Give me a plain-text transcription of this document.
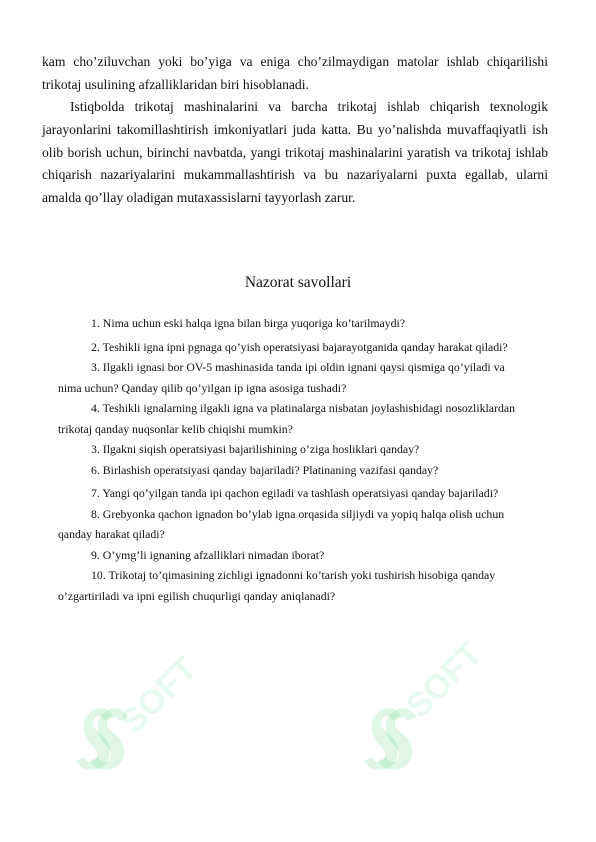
SOFT	SOFT
kam cho’ziluvchan yoki bo’yiga va eniga cho’zilmaydigan matolar ishlab chiqarilishi trikotaj usulining afzalliklaridan biri hisoblanadi.
Istiqbolda trikotaj mashinalarini va barcha trikotaj ishlab chiqarish texnologik jarayonlarini takomillashtirish imkoniyatlari juda katta. Bu yo’nalishda muvaffaqiyatli ish olib borish uchun, birinchi navbatda, yangi trikotaj mashinalarini yaratish va trikotaj ishlab chiqarish nazariyalarini mukammallashtirish va bu nazariyalarni puxta egallab, ularni amalda qo’llay oladigan mutaxassislarni tayyorlash zarur.
Nazorat savollari

1. Nima uchun eski halqa igna bilan birga yuqoriga ko’tarilmaydi?

2. Teshikli igna ipni pgnaga qo’yish operatsiyasi bajarayotganida qanday harakat qiladi?

3. Ilgakli ignasi bor OV-5 mashinasida tanda ipi oldin ignani qaysi qismiga qo’yiladi va nima uchun? Qanday qilib qo’yilgan ip igna asosiga tushadi?

4. Teshikli ignalarning ilgakli igna va platinalarga nisbatan joylashishidagi nosozliklardan trikotaj qanday nuqsonlar kelib chiqishi mumkin?

3. Ilgakni siqish operatsiyasi bajarilishining o’ziga hosliklari qanday?

6. Birlashish operatsiyasi qanday bajariladi? Platinaning vazifasi qanday?

7. Yangi qo’yilgan tanda ipi qachon egiladi va tashlash operatsiyasi qanday bajariladi?

8. Grebyonka qachon ignadon bo’ylab igna orqasida siljiydi va yopiq halqa olish uchun qanday harakat qiladi?

9. O’ymg’li ignaning afzalliklari nimadan iborat?

10. Trikotaj to’qimasining zichligi ignadonni ko’tarish yoki tushirish hisobiga qanday o’zgartiriladi va ipni egilish chuqurligi qanday aniqlanadi?
